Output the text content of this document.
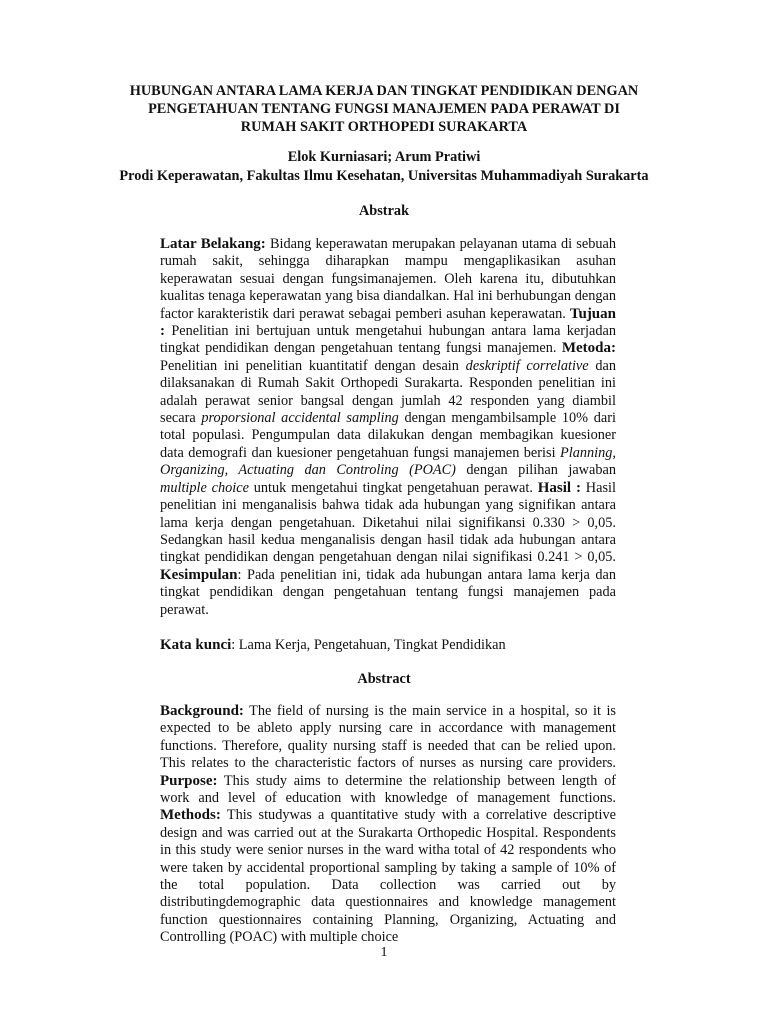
HUBUNGAN ANTARA LAMA KERJA DAN TINGKAT PENDIDIKAN DENGAN
PENGETAHUAN TENTANG FUNGSI MANAJEMEN PADA PERAWAT DI
RUMAH SAKIT ORTHOPEDI SURAKARTA
Elok Kurniasari; Arum Pratiwi
Prodi Keperawatan, Fakultas Ilmu Kesehatan, Universitas Muhammadiyah Surakarta
Abstrak

Latar Belakang: Bidang keperawatan merupakan pelayanan utama di sebuah rumah sakit, sehingga diharapkan mampu mengaplikasikan asuhan keperawatan sesuai dengan fungsimanajemen. Oleh karena itu, dibutuhkan kualitas tenaga keperawatan yang bisa diandalkan. Hal ini berhubungan dengan factor karakteristik dari perawat sebagai pemberi asuhan keperawatan. Tujuan : Penelitian ini bertujuan untuk mengetahui hubungan antara lama kerjadan tingkat pendidikan dengan pengetahuan tentang fungsi manajemen. Metoda: Penelitian ini penelitian kuantitatif dengan desain deskriptif correlative dan dilaksanakan di Rumah Sakit Orthopedi Surakarta. Responden penelitian ini adalah perawat senior bangsal dengan jumlah 42 responden yang diambil secara proporsional accidental sampling dengan mengambilsample 10% dari total populasi. Pengumpulan data dilakukan dengan membagikan kuesioner data demografi dan kuesioner pengetahuan fungsi manajemen berisi Planning, Organizing, Actuating dan Controling (POAC) dengan pilihan jawaban multiple choice untuk mengetahui tingkat pengetahuan perawat. Hasil : Hasil penelitian ini menganalisis bahwa tidak ada hubungan yang signifikan antara lama kerja dengan pengetahuan. Diketahui nilai signifikansi 0.330 > 0,05. Sedangkan hasil kedua menganalisis dengan hasil tidak ada hubungan antara tingkat pendidikan dengan pengetahuan dengan nilai signifikasi 0.241 > 0,05. Kesimpulan: Pada penelitian ini, tidak ada hubungan antara lama kerja dan tingkat pendidikan dengan pengetahuan tentang fungsi manajemen pada perawat.

Kata kunci: Lama Kerja, Pengetahuan, Tingkat Pendidikan

Abstract

Background: The field of nursing is the main service in a hospital, so it is expected to be ableto apply nursing care in accordance with management functions. Therefore, quality nursing staff is needed that can be relied upon. This relates to the characteristic factors of nurses as nursing care providers. Purpose: This study aims to determine the relationship between length of work and level of education with knowledge of management functions. Methods: This studywas a quantitative study with a correlative descriptive design and was carried out at the Surakarta Orthopedic Hospital. Respondents in this study were senior nurses in the ward witha total of 42 respondents who were taken by accidental proportional sampling by taking a sample of 10% of the total population. Data collection was carried out by distributingdemographic data questionnaires and knowledge management function questionnaires containing Planning, Organizing, Actuating and Controlling (POAC) with multiple choice

1
